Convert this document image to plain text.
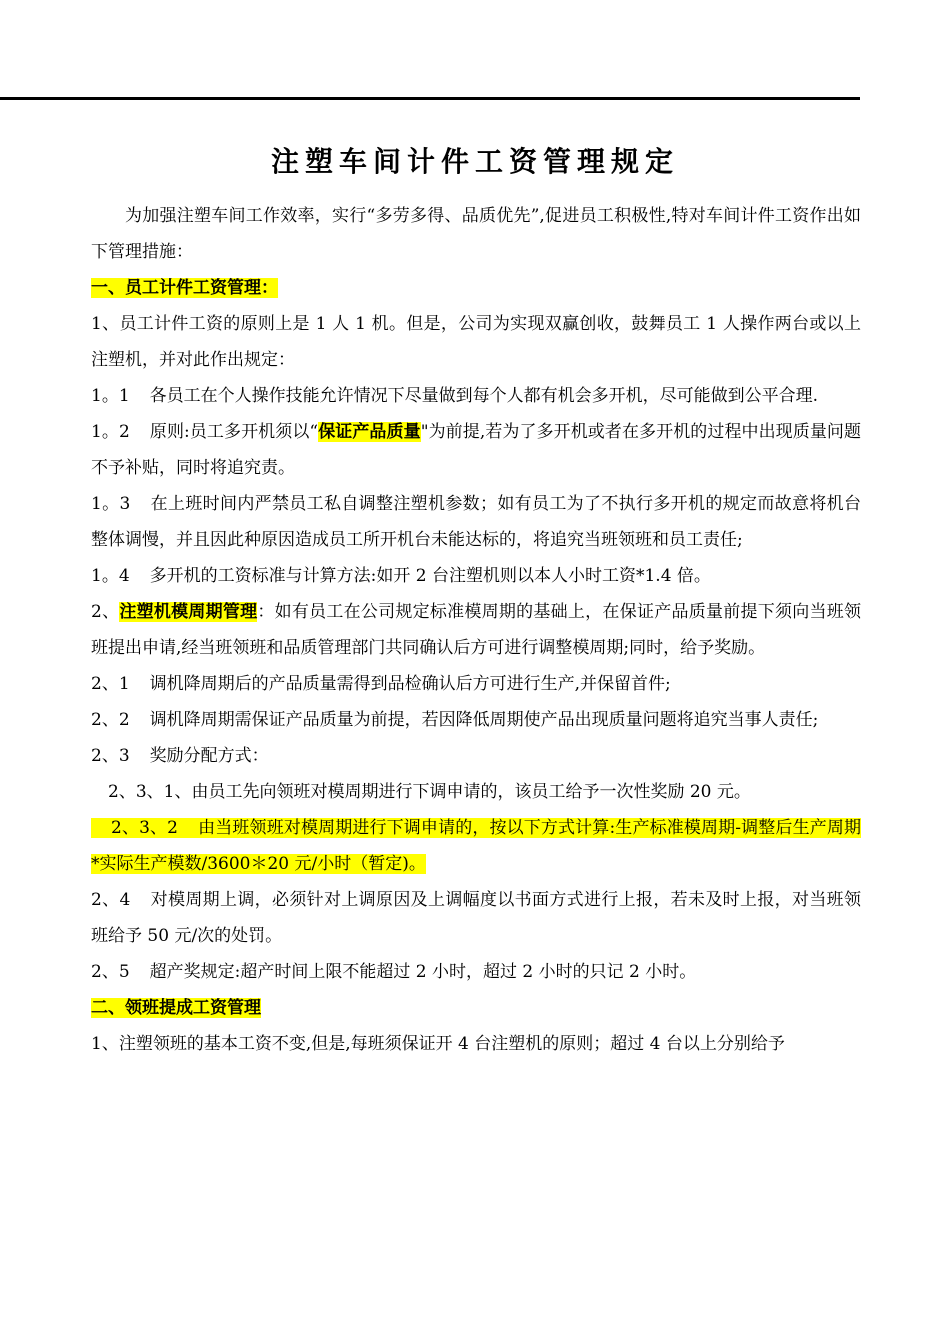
注塑车间计件工资管理规定

为加强注塑车间工作效率，实行“多劳多得、品质优先”,促进员工积极性,特对车间计件工资作出如下管理措施：

一、员工计件工资管理：

1、员工计件工资的原则上是 1 人 1 机。但是，公司为实现双赢创收，鼓舞员工 1 人操作两台或以上注塑机，并对此作出规定：

1。1 各员工在个人操作技能允许情况下尽量做到每个人都有机会多开机，尽可能做到公平合理.

1。2 原则:员工多开机须以“保证产品质量"为前提,若为了多开机或者在多开机的过程中出现质量问题不予补贴，同时将追究责。

1。3 在上班时间内严禁员工私自调整注塑机参数；如有员工为了不执行多开机的规定而故意将机台整体调慢，并且因此种原因造成员工所开机台未能达标的，将追究当班领班和员工责任;

1。4 多开机的工资标准与计算方法:如开 2 台注塑机则以本人小时工资*1.4 倍。

2、注塑机模周期管理：如有员工在公司规定标准模周期的基础上，在保证产品质量前提下须向当班领班提出申请,经当班领班和品质管理部门共同确认后方可进行调整模周期;同时，给予奖励。

2、1 调机降周期后的产品质量需得到品检确认后方可进行生产,并保留首件;

2、2 调机降周期需保证产品质量为前提，若因降低周期使产品出现质量问题将追究当事人责任;

2、3 奖励分配方式：

2、3、1、由员工先向领班对模周期进行下调申请的，该员工给予一次性奖励 20 元。

2、3、2 由当班领班对模周期进行下调申请的，按以下方式计算:生产标准模周期-调整后生产周期*实际生产模数/3600＊20 元/小时（暂定)。

2、4 对模周期上调，必须针对上调原因及上调幅度以书面方式进行上报，若未及时上报，对当班领班给予 50 元/次的处罚。

2、5 超产奖规定:超产时间上限不能超过 2 小时，超过 2 小时的只记 2 小时。

二、领班提成工资管理

1、注塑领班的基本工资不变,但是,每班须保证开 4 台注塑机的原则；超过 4 台以上分别给予
